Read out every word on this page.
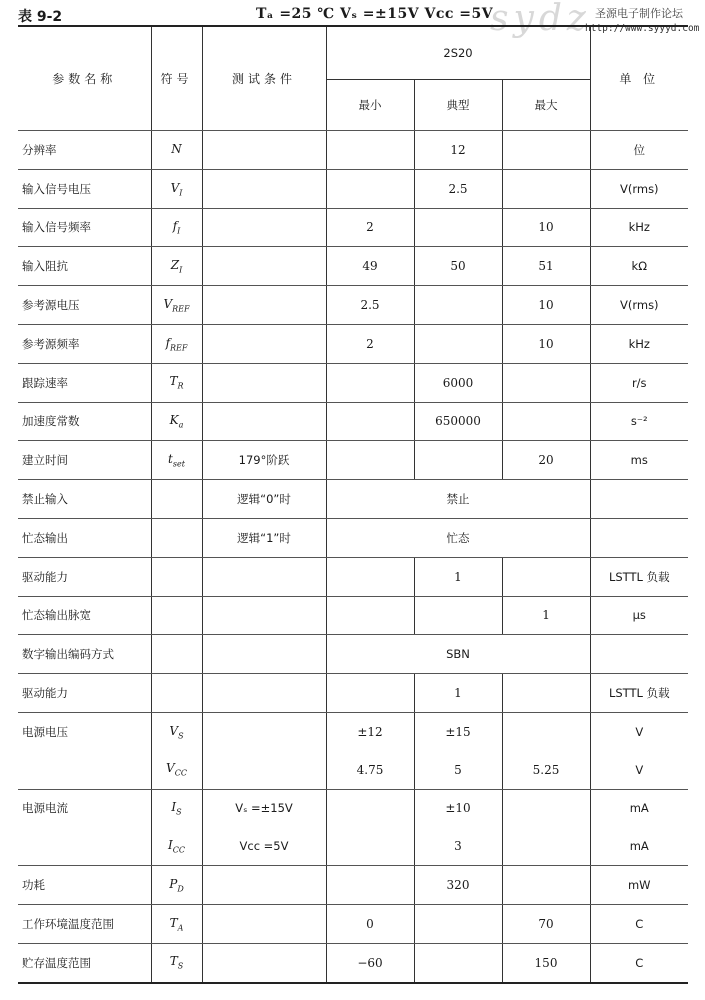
表 9-2	Tₐ =25 ℃ Vₛ =±15V Vᴄᴄ =5V
sydz 圣源电子制作论坛
http://www.syyyd.com
参数名称	符号	测试条件	2S20			单 位
			最小	典型	最大	
分辨率	N			12		位
输入信号电压	$V_I$			2.5		V(rms)
输入信号频率	$f_I$		2		10	kHz
输入阻抗	$Z_I$		49	50	51	kΩ
参考源电压	$V_{REF}$		2.5		10	V(rms)
参考源频率	$f_{REF}$		2		10	kHz
跟踪速率	$T_R$			6000		r/s
加速度常数	$K_a$			650000		s⁻²
建立时间	$t_{set}$	179°阶跃			20	ms
禁止输入		逻辑“0”时	禁止			
忙态输出		逻辑“1”时	忙态			
驱动能力				1		LSTTL 负载
忙态输出脉宽					1	μs
数字输出编码方式			SBN			
驱动能力				1		LSTTL 负载
电源电压	$V_S$		±12	±15		V
	$V_{CC}$		4.75	5	5.25	V
电源电流	$I_S$	Vₛ =±15V		±10		mA
	$I_{CC}$	Vᴄᴄ =5V		3		mA
功耗	$P_D$			320		mW
工作环境温度范围	$T_A$		0		70	C
贮存温度范围	$T_S$		−60		150	C
